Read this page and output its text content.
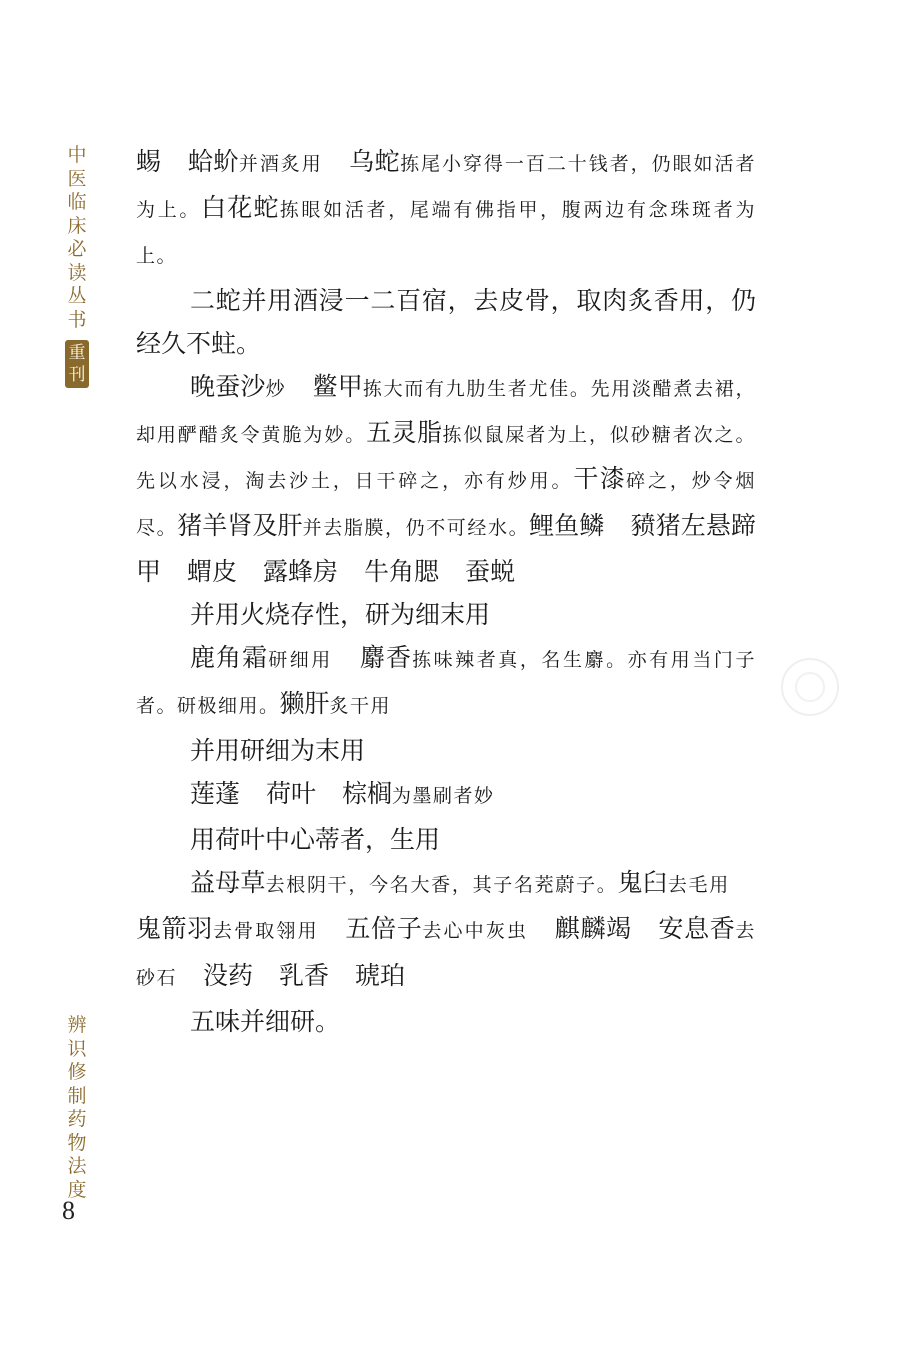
中
医
临
床
必
读
丛
书
重
刊

蜴 蛤蚧并酒炙用 乌蛇拣尾小穿得一百二十钱者，仍眼如活者为上。白花蛇拣眼如活者，尾端有佛指甲，腹两边有念珠斑者为上。

二蛇并用酒浸一二百宿，去皮骨，取肉炙香用，仍经久不蛀。

晚蚕沙炒 鳖甲拣大而有九肋生者尤佳。先用淡醋煮去裙，却用酽醋炙令黄脆为妙。五灵脂拣似鼠屎者为上，似砂糖者次之。先以水浸，淘去沙土，日干碎之，亦有炒用。干漆碎之，炒令烟尽。猪羊肾及肝并去脂膜，仍不可经水。鲤鱼鳞 豮猪左悬蹄甲 蝟皮 露蜂房 牛角腮 蚕蜕

并用火烧存性，研为细末用

鹿角霜研细用 麝香拣味辣者真，名生麝。亦有用当门子者。研极细用。獭肝炙干用

并用研细为末用

莲蓬 荷叶 棕榈为墨刷者妙

用荷叶中心蒂者，生用

益母草去根阴干，今名大香，其子名茺蔚子。鬼臼去毛用鬼箭羽去骨取翎用 五倍子去心中灰虫 麒麟竭 安息香去砂石 没药 乳香 琥珀

五味并细研。

辨
识
修
制
药
物
法
度
8
